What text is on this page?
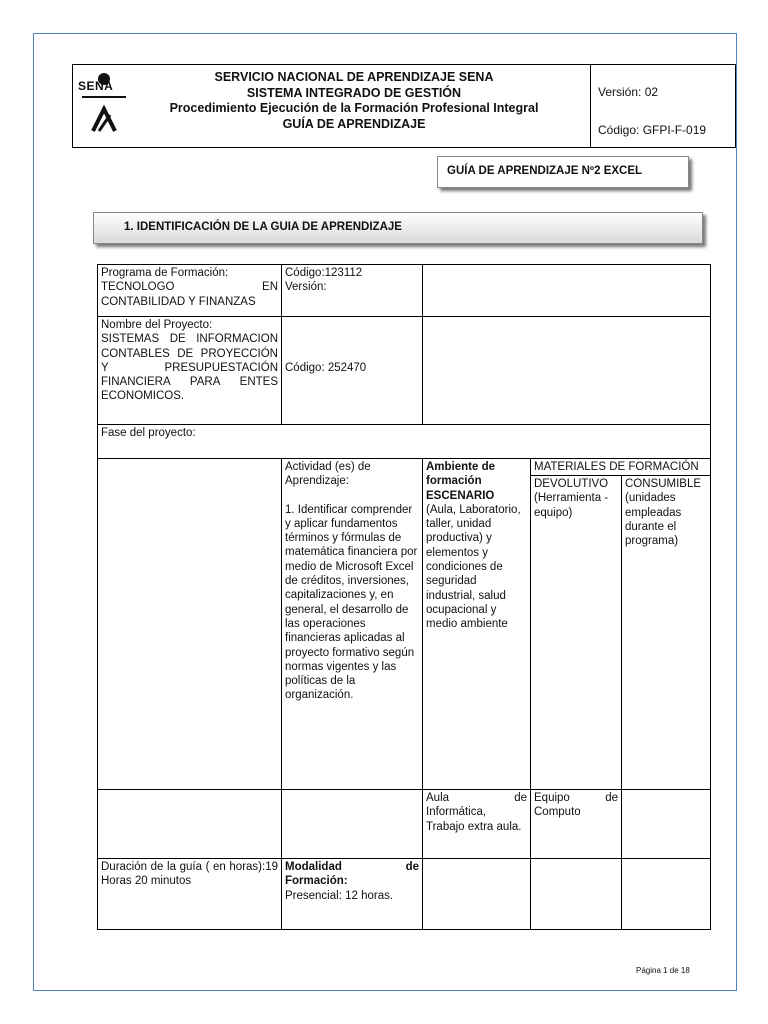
SENA
SERVICIO NACIONAL DE APRENDIZAJE SENA
SISTEMA INTEGRADO DE GESTIÓN
Procedimiento Ejecución de la Formación Profesional Integral
GUÍA DE APRENDIZAJE
Versión: 02
Código: GFPI-F-019
GUÍA DE APRENDIZAJE Nº2 EXCEL
1. IDENTIFICACIÓN DE LA GUIA DE APRENDIZAJE
Programa de Formación:
TECNOLOGO EN CONTABILIDAD Y FINANZAS
Código:123112
Versión:
Nombre del Proyecto:
SISTEMAS DE INFORMACION CONTABLES DE PROYECCIÓN Y PRESUPUESTACIÓN FINANCIERA PARA ENTES ECONOMICOS.
Código: 252470
Fase del proyecto:
Actividad (es) de Aprendizaje:
1. Identificar comprender y aplicar fundamentos términos y fórmulas de matemática financiera por medio de Microsoft Excel de créditos, inversiones, capitalizaciones y, en general, el desarrollo de las operaciones financieras aplicadas al proyecto formativo según normas vigentes y las políticas de la organización.
Ambiente de formación ESCENARIO
(Aula, Laboratorio, taller, unidad productiva) y elementos y condiciones de seguridad industrial, salud ocupacional y medio ambiente
MATERIALES DE FORMACIÓN
DEVOLUTIVO
(Herramienta - equipo)
CONSUMIBLE
(unidades empleadas durante el programa)
Aula de Informática, Trabajo extra aula.
Equipo de Computo
Duración de la guía ( en horas):19 Horas 20 minutos
Modalidad de Formación:
Presencial: 12 horas.
Página 1 de 18
